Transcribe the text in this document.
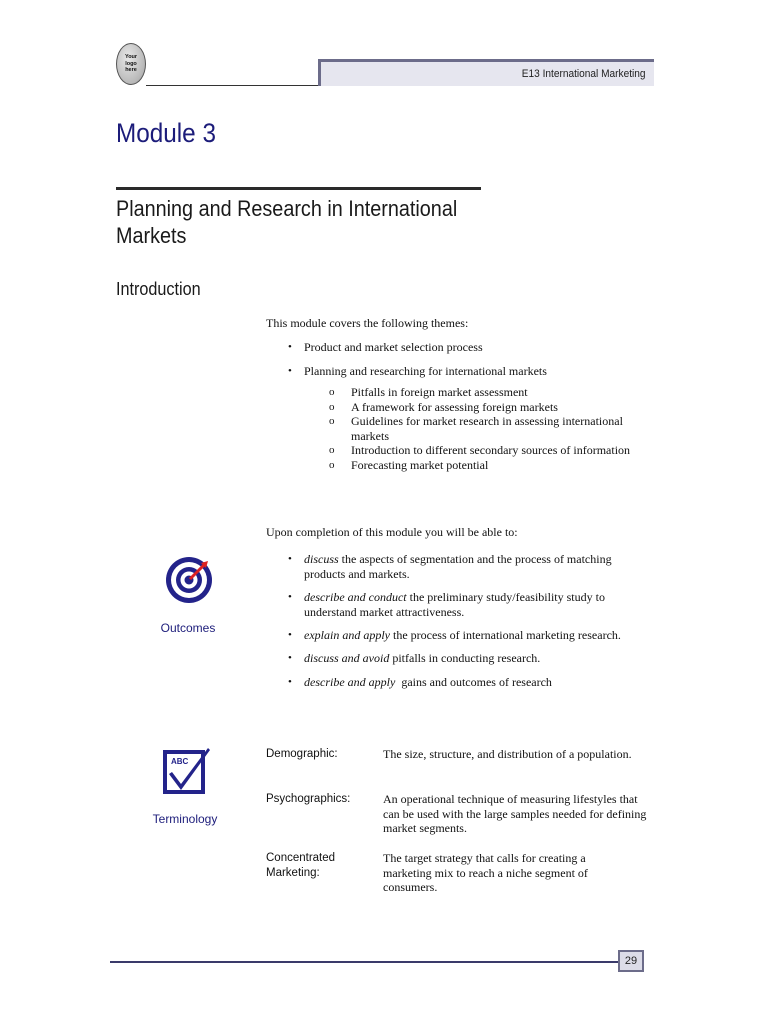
Your logo here	E13 International Marketing
Module 3
Planning and Research in International Markets
Introduction
This module covers the following themes:
•
Product and market selection process
•
Planning and researching for international markets
o
Pitfalls in foreign market assessment
o
A framework for assessing foreign markets
o
Guidelines for market research in assessing international markets
o
Introduction to different secondary sources of information
o
Forecasting market potential
Upon completion of this module you will be able to:
Outcomes
•
discuss the aspects of segmentation and the process of matching products and markets.
•
describe and conduct the preliminary study/feasibility study to understand market attractiveness.
•
explain and apply the process of international marketing research.
•
discuss and avoid pitfalls in conducting research.
•
describe and apply  gains and outcomes of research
ABC
Terminology
Demographic:	The size, structure, and distribution of a population.
Psychographics:	An operational technique of measuring lifestyles that can be used with the large samples needed for defining market segments.
Concentrated Marketing:
The target strategy that calls for creating a marketing mix to reach a niche segment of consumers.
29
